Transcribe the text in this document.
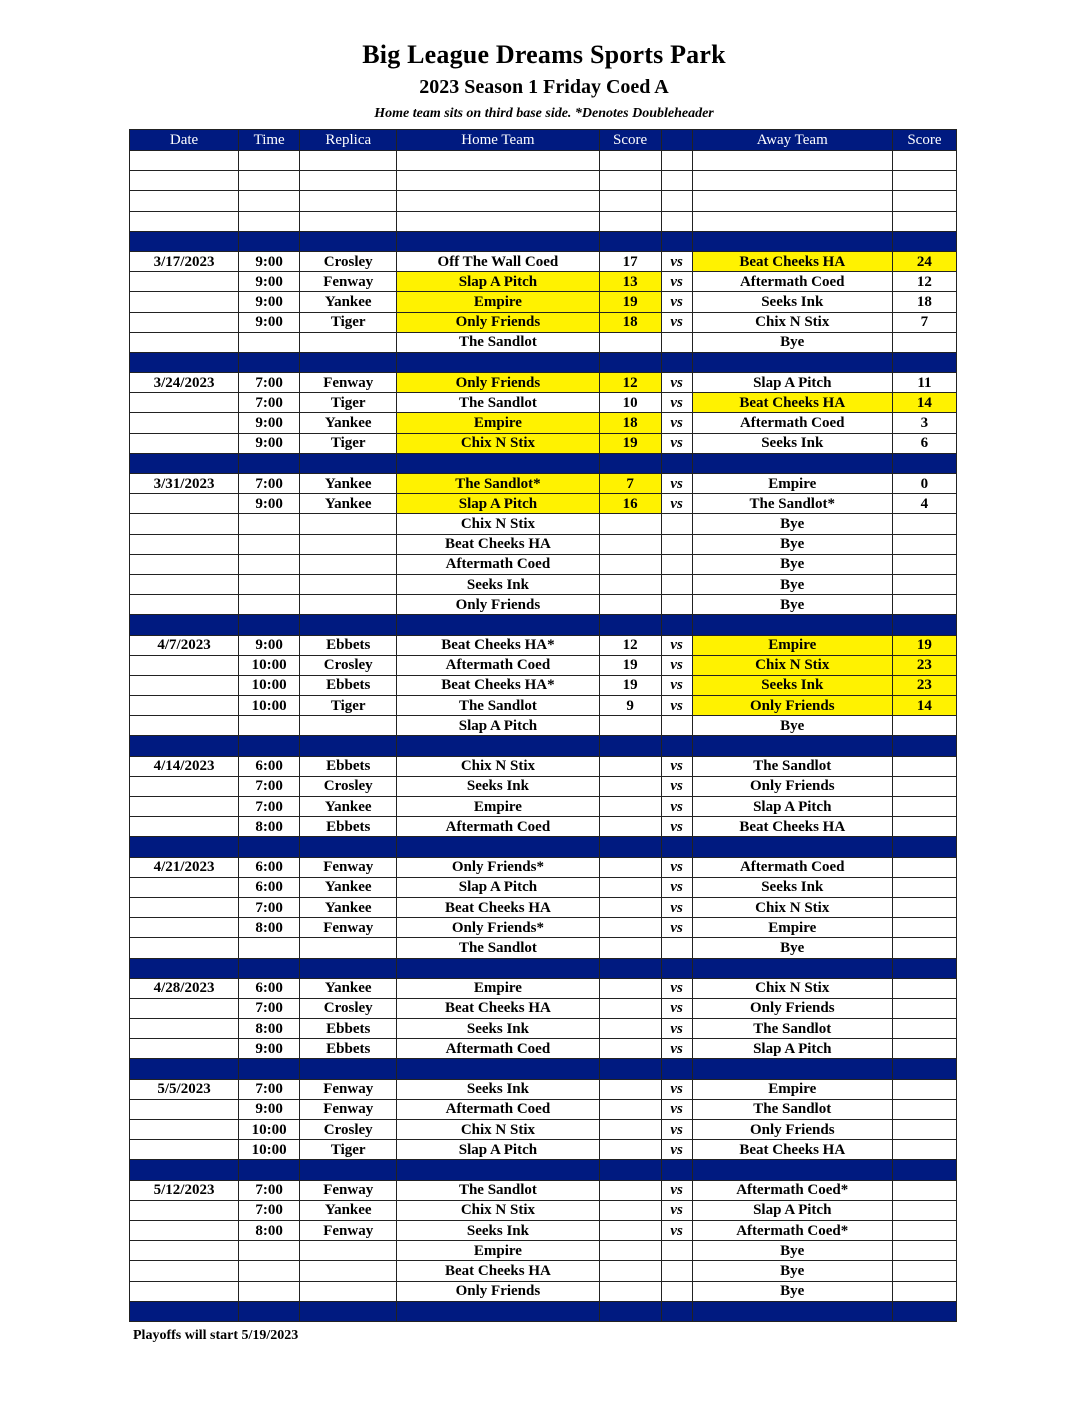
Big League Dreams Sports Park
2023 Season 1 Friday Coed A
Home team sits on third base side. *Denotes Doubleheader
Date	Time	Replica	Home Team	Score		Away Team	Score

3/17/2023	9:00	Crosley	Off The Wall Coed	17	vs	Beat Cheeks HA	24
	9:00	Fenway	Slap A Pitch	13	vs	Aftermath Coed	12
	9:00	Yankee	Empire	19	vs	Seeks Ink	18
	9:00	Tiger	Only Friends	18	vs	Chix N Stix	7
			The Sandlot			Bye	

3/24/2023	7:00	Fenway	Only Friends	12	vs	Slap A Pitch	11
	7:00	Tiger	The Sandlot	10	vs	Beat Cheeks HA	14
	9:00	Yankee	Empire	18	vs	Aftermath Coed	3
	9:00	Tiger	Chix N Stix	19	vs	Seeks Ink	6

3/31/2023	7:00	Yankee	The Sandlot*	7	vs	Empire	0
	9:00	Yankee	Slap A Pitch	16	vs	The Sandlot*	4
			Chix N Stix			Bye	
			Beat Cheeks HA			Bye	
			Aftermath Coed			Bye	
			Seeks Ink			Bye	
			Only Friends			Bye	

4/7/2023	9:00	Ebbets	Beat Cheeks HA*	12	vs	Empire	19
	10:00	Crosley	Aftermath Coed	19	vs	Chix N Stix	23
	10:00	Ebbets	Beat Cheeks HA*	19	vs	Seeks Ink	23
	10:00	Tiger	The Sandlot	9	vs	Only Friends	14
			Slap A Pitch			Bye	

4/14/2023	6:00	Ebbets	Chix N Stix		vs	The Sandlot	
	7:00	Crosley	Seeks Ink		vs	Only Friends	
	7:00	Yankee	Empire		vs	Slap A Pitch	
	8:00	Ebbets	Aftermath Coed		vs	Beat Cheeks HA	

4/21/2023	6:00	Fenway	Only Friends*		vs	Aftermath Coed	
	6:00	Yankee	Slap A Pitch		vs	Seeks Ink	
	7:00	Yankee	Beat Cheeks HA		vs	Chix N Stix	
	8:00	Fenway	Only Friends*		vs	Empire	
			The Sandlot			Bye	

4/28/2023	6:00	Yankee	Empire		vs	Chix N Stix	
	7:00	Crosley	Beat Cheeks HA		vs	Only Friends	
	8:00	Ebbets	Seeks Ink		vs	The Sandlot	
	9:00	Ebbets	Aftermath Coed		vs	Slap A Pitch	

5/5/2023	7:00	Fenway	Seeks Ink		vs	Empire	
	9:00	Fenway	Aftermath Coed		vs	The Sandlot	
	10:00	Crosley	Chix N Stix		vs	Only Friends	
	10:00	Tiger	Slap A Pitch		vs	Beat Cheeks HA	

5/12/2023	7:00	Fenway	The Sandlot		vs	Aftermath Coed*	
	7:00	Yankee	Chix N Stix		vs	Slap A Pitch	
	8:00	Fenway	Seeks Ink		vs	Aftermath Coed*	
			Empire			Bye	
			Beat Cheeks HA			Bye	
			Only Friends			Bye	

Playoffs will start 5/19/2023
